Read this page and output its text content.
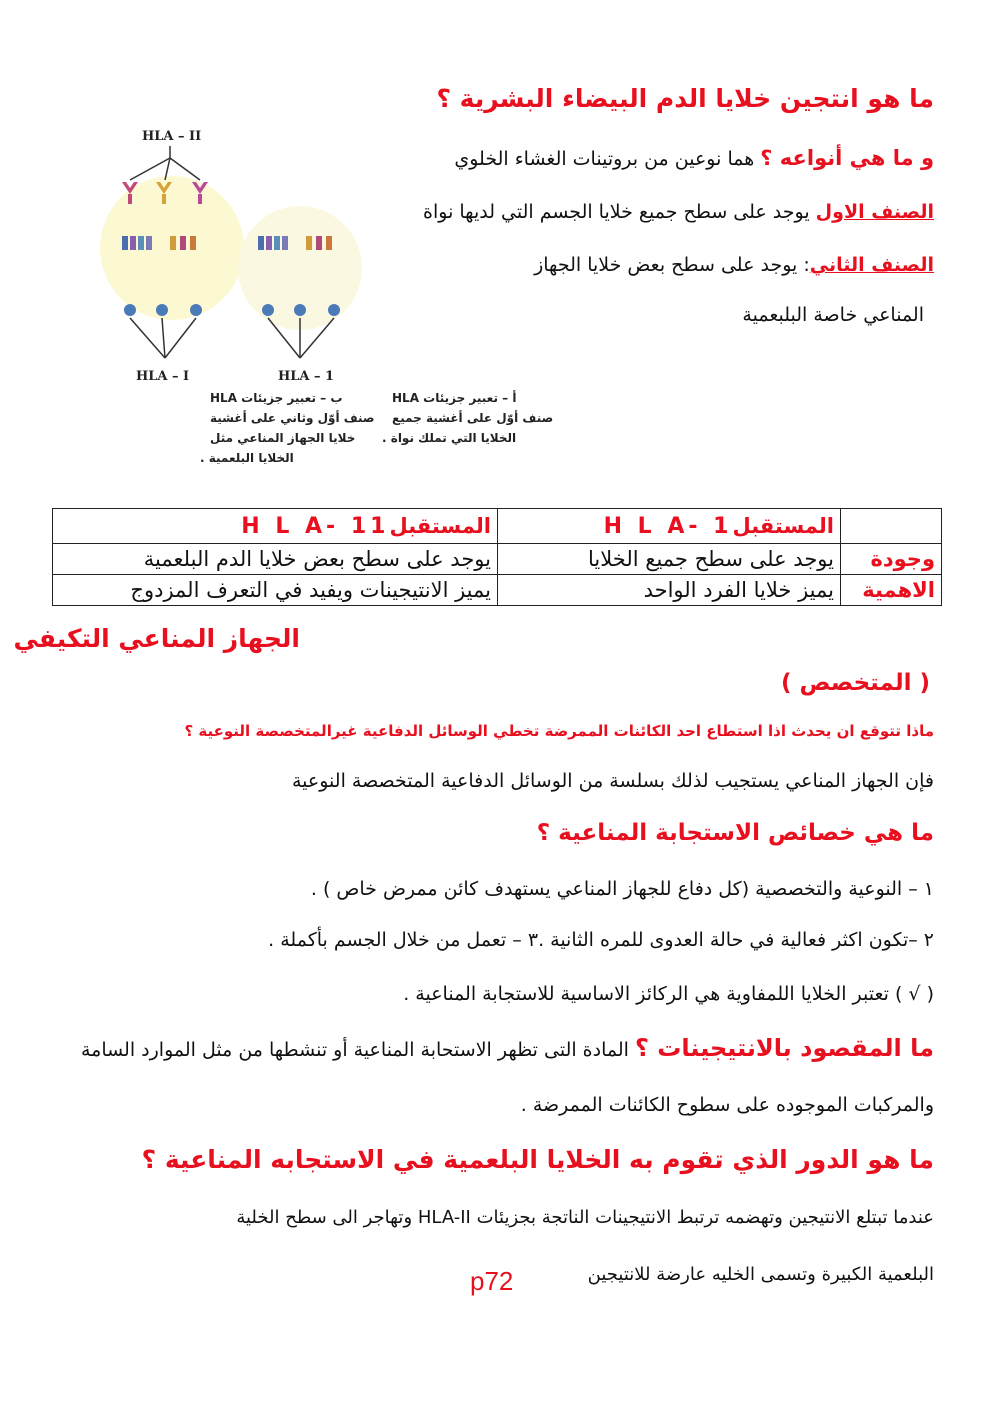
ما هو انتجين خلايا الدم البيضاء البشرية ؟
و ما هي أنواعه ؟ هما نوعين من بروتينات الغشاء الخلوي
الصنف الاول يوجد على سطح جميع خلايا الجسم التي لديها نواة
الصنف الثاني: يوجد على سطح بعض خلايا الجهاز
المناعي خاصة البلبعمية
HLA – II
HLA – I	HLA – 1
ب – تعبير جزيئات HLA
صنف أوّل وثاني على أغشية
خلايا الجهاز المناعي مثل
الخلايا البلعمية .
أ – تعبير جزيئات HLA
صنف أوّل على أغشية جميع
الخلايا التي تملك نواة .
	المستقبلH L A- 1	المستقبلH L A- 11
وجودة	يوجد على سطح جميع الخلايا	يوجد على سطح بعض خلايا الدم البلعمية
الاهمية	يميز خلايا الفرد الواحد	يميز الانتيجينات ويفيد في التعرف المزدوج
الجهاز المناعي التكيفي
( المتخصص )
ماذا تتوقع ان يحدث اذا استطاع احد الكائنات الممرضة تخطي الوسائل الدفاعية غيرالمتخصصة النوعية ؟
فإن الجهاز المناعي يستجيب لذلك بسلسة من الوسائل الدفاعية المتخصصة النوعية
ما هي خصائص الاستجابة المناعية ؟
١ – النوعية والتخصصية (كل دفاع للجهاز المناعي يستهدف كائن ممرض خاص ) .
٢ –تكون اكثر فعالية في حالة العدوى للمره الثانية .٣ – تعمل من خلال الجسم بأكملة .
( √ ) تعتبر الخلايا اللمفاوية هي الركائز الاساسية للاستجابة المناعية .
ما المقصود بالانتيجينات ؟ المادة التى تظهر الاستحابة المناعية أو تنشطها من مثل الموارد السامة
والمركبات الموجوده على سطوح الكائنات الممرضة .
ما هو الدور الذي تقوم به الخلايا البلعمية في الاستجابه المناعية ؟
عندما تبتلع الانتيجين وتهضمه ترتبط الانتيجينات الناتجة بجزيئات HLA-II وتهاجر الى سطح الخلية
البلعمية الكبيرة وتسمى الخليه عارضة للانتيجين
p72
